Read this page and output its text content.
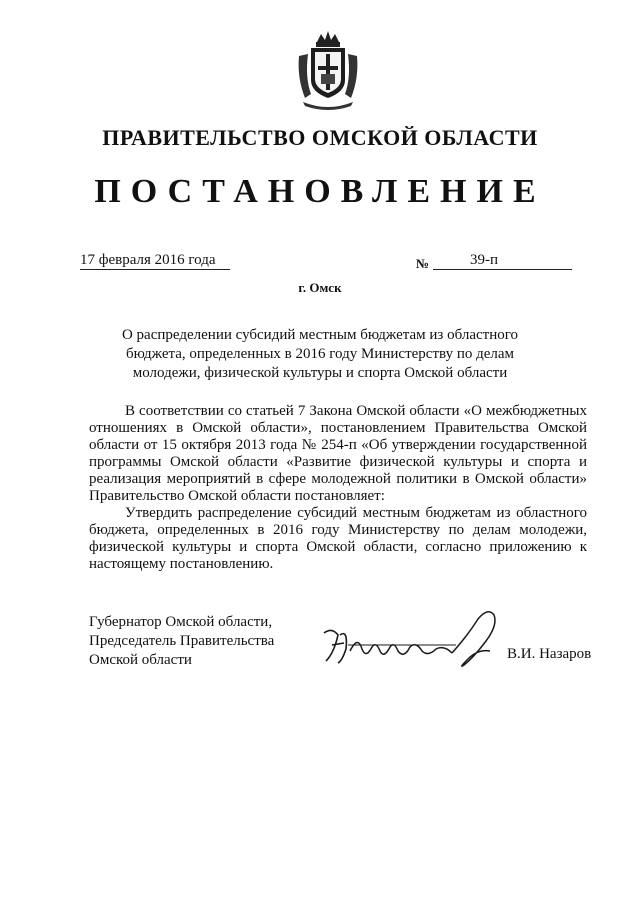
ПРАВИТЕЛЬСТВО ОМСКОЙ ОБЛАСТИ
ПОСТАНОВЛЕНИЕ
17 февраля 2016 года	№	39-п
г. Омск
О распределении субсидий местным бюджетам из областного бюджета, определенных в 2016 году Министерству по делам молодежи, физической культуры и спорта Омской области

В соответствии со статьей 7 Закона Омской области «О межбюджетных отношениях в Омской области», постановлением Правительства Омской области от 15 октября 2013 года № 254-п «Об утверждении государственной программы Омской области «Развитие физической культуры и спорта и реализация мероприятий в сфере молодежной политики в Омской области» Правительство Омской области постановляет:

Утвердить распределение субсидий местным бюджетам из областного бюджета, определенных в 2016 году Министерству по делам молодежи, физической культуры и спорта Омской области, согласно приложению к настоящему постановлению.

Губернатор Омской области,
Председатель Правительства
Омской области	В.И. Назаров
